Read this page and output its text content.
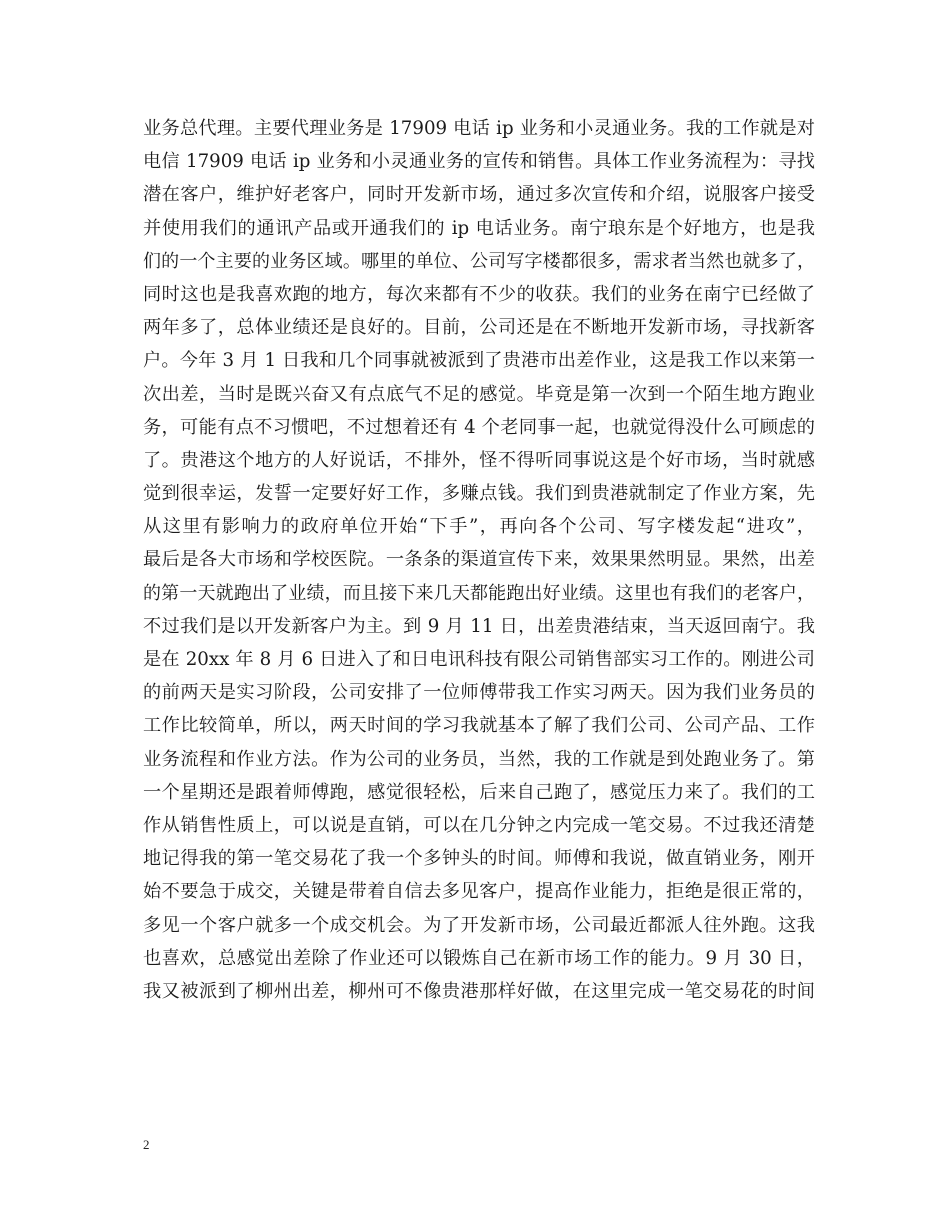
业务总代理。主要代理业务是 17909 电话 ip 业务和小灵通业务。我的工作就是对
电信 17909 电话 ip 业务和小灵通业务的宣传和销售。具体工作业务流程为：寻找
潜在客户，维护好老客户，同时开发新市场，通过多次宣传和介绍，说服客户接受
并使用我们的通讯产品或开通我们的 ip 电话业务。南宁琅东是个好地方，也是我
们的一个主要的业务区域。哪里的单位、公司写字楼都很多，需求者当然也就多了，
同时这也是我喜欢跑的地方，每次来都有不少的收获。我们的业务在南宁已经做了
两年多了，总体业绩还是良好的。目前，公司还是在不断地开发新市场，寻找新客
户。今年 3 月 1 日我和几个同事就被派到了贵港市出差作业，这是我工作以来第一
次出差，当时是既兴奋又有点底气不足的感觉。毕竟是第一次到一个陌生地方跑业
务，可能有点不习惯吧，不过想着还有 4 个老同事一起，也就觉得没什么可顾虑的
了。贵港这个地方的人好说话，不排外，怪不得听同事说这是个好市场，当时就感
觉到很幸运，发誓一定要好好工作，多赚点钱。我们到贵港就制定了作业方案，先
从这里有影响力的政府单位开始“下手”，再向各个公司、写字楼发起“进攻”，
最后是各大市场和学校医院。一条条的渠道宣传下来，效果果然明显。果然，出差
的第一天就跑出了业绩，而且接下来几天都能跑出好业绩。这里也有我们的老客户，
不过我们是以开发新客户为主。到 9 月 11 日，出差贵港结束，当天返回南宁。我
是在 20xx 年 8 月 6 日进入了和日电讯科技有限公司销售部实习工作的。刚进公司
的前两天是实习阶段，公司安排了一位师傅带我工作实习两天。因为我们业务员的
工作比较简单，所以，两天时间的学习我就基本了解了我们公司、公司产品、工作
业务流程和作业方法。作为公司的业务员，当然，我的工作就是到处跑业务了。第
一个星期还是跟着师傅跑，感觉很轻松，后来自己跑了，感觉压力来了。我们的工
作从销售性质上，可以说是直销，可以在几分钟之内完成一笔交易。不过我还清楚
地记得我的第一笔交易花了我一个多钟头的时间。师傅和我说，做直销业务，刚开
始不要急于成交，关键是带着自信去多见客户，提高作业能力，拒绝是很正常的，
多见一个客户就多一个成交机会。为了开发新市场，公司最近都派人往外跑。这我
也喜欢，总感觉出差除了作业还可以锻炼自己在新市场工作的能力。9 月 30 日，
我又被派到了柳州出差，柳州可不像贵港那样好做，在这里完成一笔交易花的时间
2
